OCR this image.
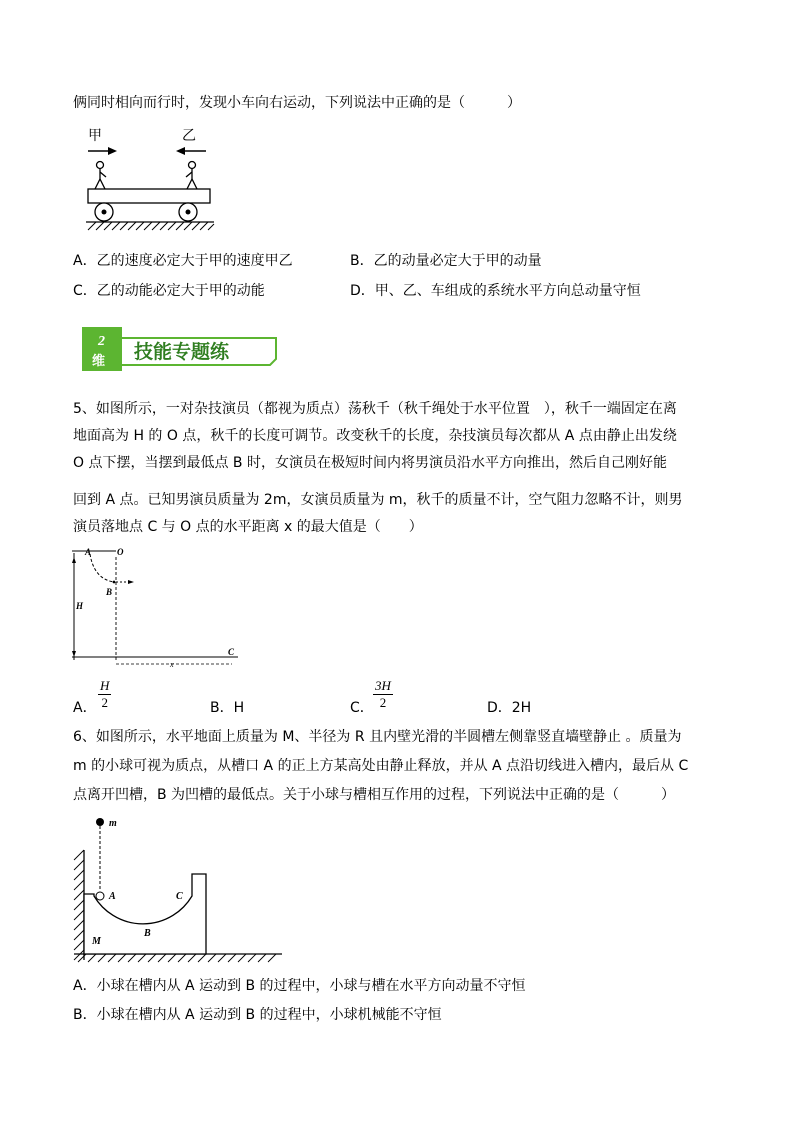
俩同时相向而行时，发现小车向右运动，下列说法中正确的是（　　　）
甲	乙
A．乙的速度必定大于甲的速度甲乙	B．乙的动量必定大于甲的动量
C．乙的动能必定大于甲的动能	D．甲、乙、车组成的系统水平方向总动量守恒
2
维 技能专题练
5、如图所示，一对杂技演员（都视为质点）荡秋千（秋千绳处于水平位置　），秋千一端固定在离
地面高为 H 的 O 点，秋千的长度可调节。改变秋千的长度，杂技演员每次都从 A 点由静止出发绕
O 点下摆，当摆到最低点 B 时，女演员在极短时间内将男演员沿水平方向推出，然后自己刚好能
回到 A 点。已知男演员质量为 2m，女演员质量为 m，秋千的质量不计，空气阻力忽略不计，则男
演员落地点 C 与 O 点的水平距离 x 的最大值是（　　）
A	O
H
B
C
x
A． $\frac{H}{2}$	B．H	C． $\frac{3H}{2}$	D．2H
6、如图所示，水平地面上质量为 M、半径为 R 且内壁光滑的半圆槽左侧靠竖直墙壁静止 。质量为
m 的小球可视为质点，从槽口 A 的正上方某高处由静止释放，并从 A 点沿切线进入槽内，最后从 C
点离开凹槽，B 为凹槽的最低点。关于小球与槽相互作用的过程，下列说法中正确的是（　　　）
m
A	C
B
M
A．小球在槽内从 A 运动到 B 的过程中，小球与槽在水平方向动量不守恒
B．小球在槽内从 A 运动到 B 的过程中，小球机械能不守恒
